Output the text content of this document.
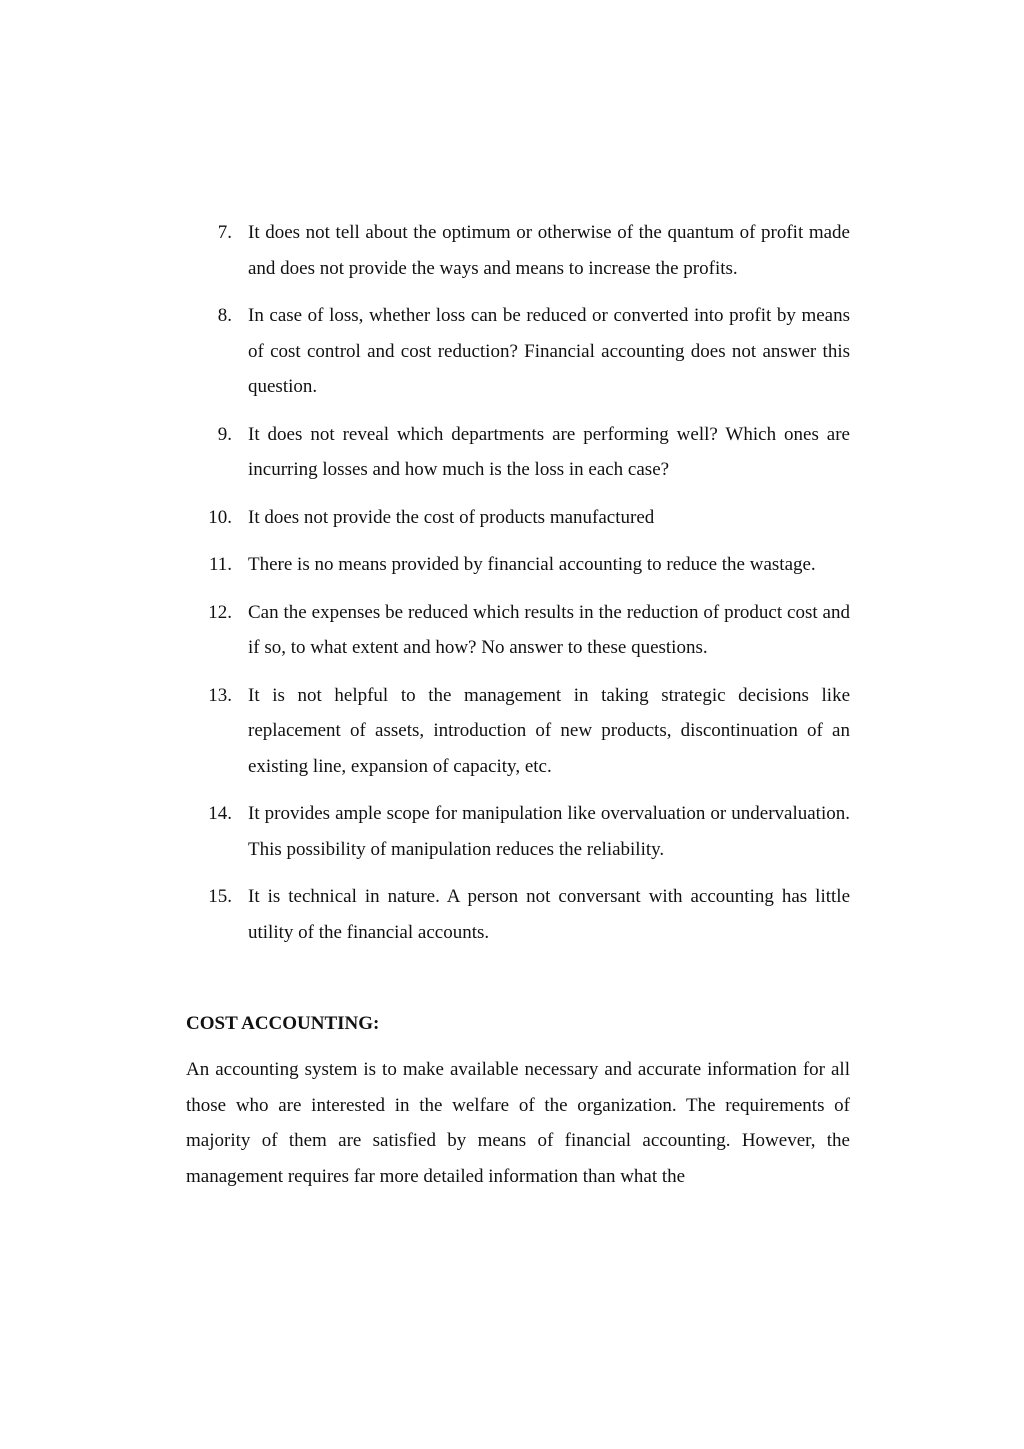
7. It does not tell about the optimum or otherwise of the quantum of profit made and does not provide the ways and means to increase the profits.
8. In case of loss, whether loss can be reduced or converted into profit by means of cost control and cost reduction? Financial accounting does not answer this question.
9. It does not reveal which departments are performing well? Which ones are incurring losses and how much is the loss in each case?
10. It does not provide the cost of products manufactured
11. There is no means provided by financial accounting to reduce the wastage.
12. Can the expenses be reduced which results in the reduction of product cost and if so, to what extent and how? No answer to these questions.
13. It is not helpful to the management in taking strategic decisions like replacement of assets, introduction of new products, discontinuation of an existing line, expansion of capacity, etc.
14. It provides ample scope for manipulation like overvaluation or undervaluation. This possibility of manipulation reduces the reliability.
15. It is technical in nature. A person not conversant with accounting has little utility of the financial accounts.
COST ACCOUNTING:

An accounting system is to make available necessary and accurate information for all those who are interested in the welfare of the organization. The requirements of majority of them are satisfied by means of financial accounting. However, the management requires far more detailed information than what the
